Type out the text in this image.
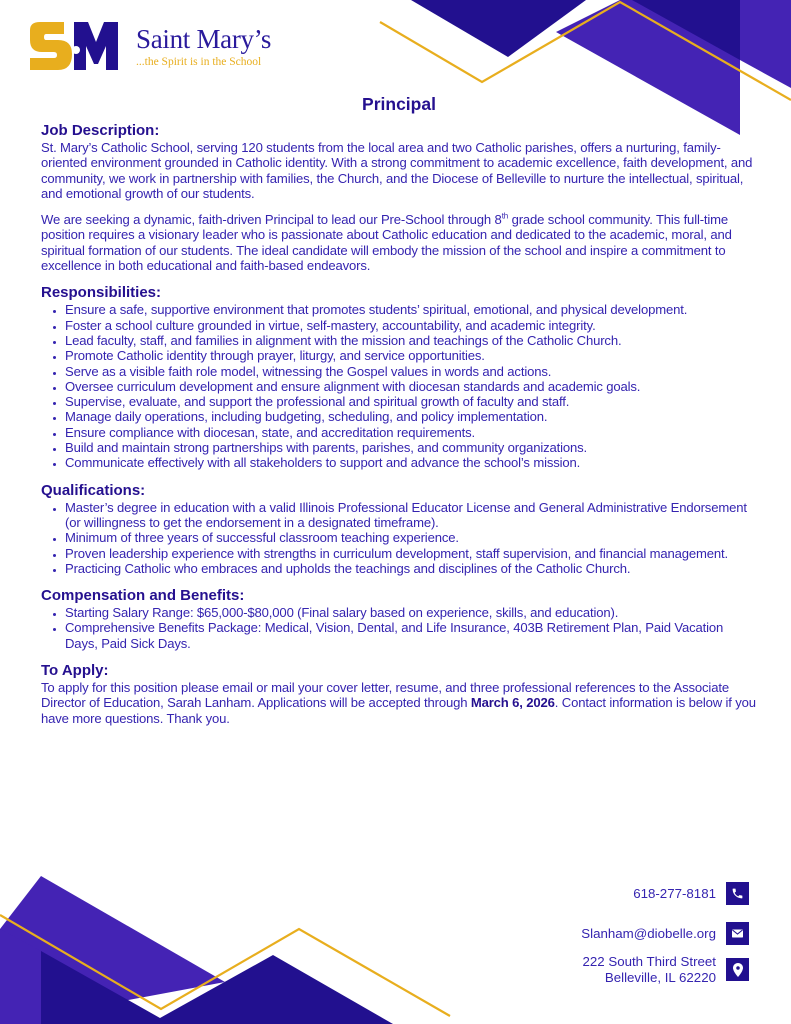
Saint Mary’s
...the Spirit is in the School
Principal
Job Description:

St. Mary’s Catholic School, serving 120 students from the local area and two Catholic parishes, offers a nurturing, family-oriented environment grounded in Catholic identity. With a strong commitment to academic excellence, faith development, and community, we work in partnership with families, the Church, and the Diocese of Belleville to nurture the intellectual, spiritual, and emotional growth of our students.

We are seeking a dynamic, faith-driven Principal to lead our Pre-School through 8th grade school community. This full-time position requires a visionary leader who is passionate about Catholic education and dedicated to the academic, moral, and spiritual formation of our students. The ideal candidate will embody the mission of the school and inspire a commitment to excellence in both educational and faith-based endeavors.

Responsibilities:
• Ensure a safe, supportive environment that promotes students’ spiritual, emotional, and physical development.
• Foster a school culture grounded in virtue, self-mastery, accountability, and academic integrity.
• Lead faculty, staff, and families in alignment with the mission and teachings of the Catholic Church.
• Promote Catholic identity through prayer, liturgy, and service opportunities.
• Serve as a visible faith role model, witnessing the Gospel values in words and actions.
• Oversee curriculum development and ensure alignment with diocesan standards and academic goals.
• Supervise, evaluate, and support the professional and spiritual growth of faculty and staff.
• Manage daily operations, including budgeting, scheduling, and policy implementation.
• Ensure compliance with diocesan, state, and accreditation requirements.
• Build and maintain strong partnerships with parents, parishes, and community organizations.
• Communicate effectively with all stakeholders to support and advance the school’s mission.
Qualifications:
• Master’s degree in education with a valid Illinois Professional Educator License and General Administrative Endorsement (or willingness to get the endorsement in a designated timeframe).
• Minimum of three years of successful classroom teaching experience.
• Proven leadership experience with strengths in curriculum development, staff supervision, and financial management.
• Practicing Catholic who embraces and upholds the teachings and disciplines of the Catholic Church.
Compensation and Benefits:
• Starting Salary Range: $65,000-$80,000 (Final salary based on experience, skills, and education).
• Comprehensive Benefits Package: Medical, Vision, Dental, and Life Insurance, 403B Retirement Plan, Paid Vacation Days, Paid Sick Days.
To Apply:

To apply for this position please email or mail your cover letter, resume, and three professional references to the Associate Director of Education, Sarah Lanham. Applications will be accepted through March 6, 2026. Contact information is below if you have more questions. Thank you.

618-277-8181
Slanham@diobelle.org
222 South Third Street
Belleville, IL 62220
